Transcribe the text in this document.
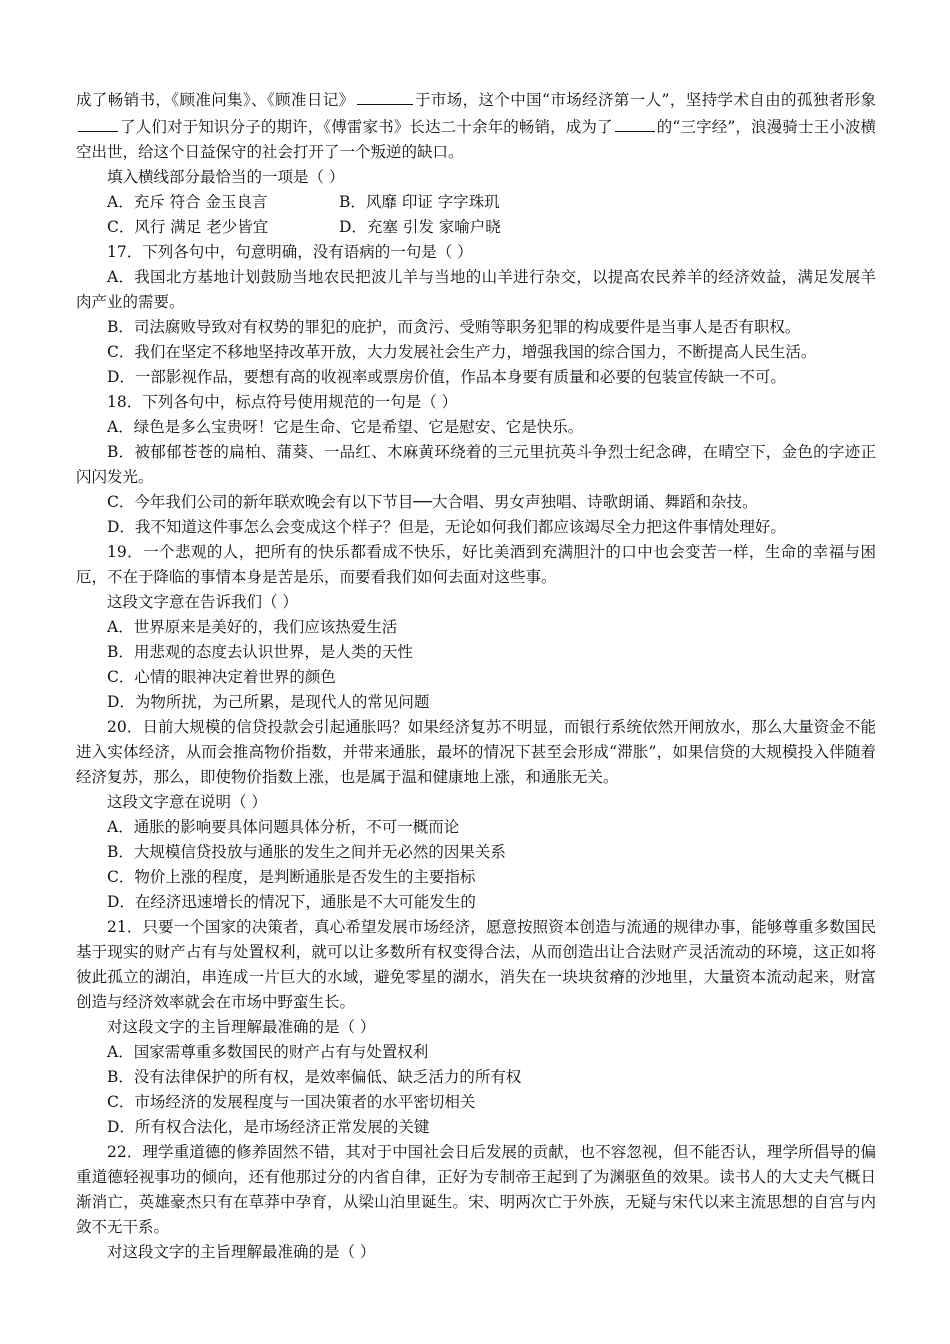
成了畅销书，《顾准问集》、《顾准日记》	于市场，这个中国“市场经济第一人”，坚持学术自由的孤独者形象了人们对于知识分子的期许，《傅雷家书》长达二十余年的畅销，成为了	的“三字经”，浪漫骑士王小波横空出世，给这个日益保守的社会打开了一个叛逆的缺口。

填入横线部分最恰当的一项是（ ）

A．充斥 符合 金玉良言	B．风靡 印证 字字珠玑
C．风行 满足 老少皆宜	D．充塞 引发 家喻户晓

17．下列各句中，句意明确，没有语病的一句是（ ）

A．我国北方基地计划鼓励当地农民把波儿羊与当地的山羊进行杂交，以提高农民养羊的经济效益，满足发展羊肉产业的需要。

B．司法腐败导致对有权势的罪犯的庇护，而贪污、受贿等职务犯罪的构成要件是当事人是否有职权。

C．我们在坚定不移地坚持改革开放，大力发展社会生产力，增强我国的综合国力，不断提高人民生活。

D．一部影视作品，要想有高的收视率或票房价值，作品本身要有质量和必要的包装宣传缺一不可。

18．下列各句中，标点符号使用规范的一句是（ ）

A．绿色是多么宝贵呀！它是生命、它是希望、它是慰安、它是快乐。

B．被郁郁苍苍的扁柏、蒲葵、一品红、木麻黄环绕着的三元里抗英斗争烈士纪念碑，在晴空下，金色的字迹正闪闪发光。

C．今年我们公司的新年联欢晚会有以下节目──大合唱、男女声独唱、诗歌朗诵、舞蹈和杂技。

D．我不知道这件事怎么会变成这个样子？但是，无论如何我们都应该竭尽全力把这件事情处理好。

19．一个悲观的人，把所有的快乐都看成不快乐，好比美酒到充满胆汁的口中也会变苦一样，生命的幸福与困厄，不在于降临的事情本身是苦是乐，而要看我们如何去面对这些事。

这段文字意在告诉我们（ ）

A．世界原来是美好的，我们应该热爱生活

B．用悲观的态度去认识世界，是人类的天性

C．心情的眼神决定着世界的颜色

D．为物所扰，为己所累，是现代人的常见问题

20．日前大规模的信贷投款会引起通胀吗？如果经济复苏不明显，而银行系统依然开闸放水，那么大量资金不能进入实体经济，从而会推高物价指数，并带来通胀，最坏的情况下甚至会形成“滞胀”，如果信贷的大规模投入伴随着经济复苏，那么，即使物价指数上涨，也是属于温和健康地上涨，和通胀无关。

这段文字意在说明（ ）

A．通胀的影响要具体问题具体分析，不可一概而论

B．大规模信贷投放与通胀的发生之间并无必然的因果关系

C．物价上涨的程度，是判断通胀是否发生的主要指标

D．在经济迅速增长的情况下，通胀是不大可能发生的

21．只要一个国家的决策者，真心希望发展市场经济，愿意按照资本创造与流通的规律办事，能够尊重多数国民基于现实的财产占有与处置权利，就可以让多数所有权变得合法，从而创造出让合法财产灵活流动的环境，这正如将彼此孤立的湖泊，串连成一片巨大的水域，避免零星的湖水，消失在一块块贫瘠的沙地里，大量资本流动起来，财富创造与经济效率就会在市场中野蛮生长。

对这段文字的主旨理解最准确的是（ ）

A．国家需尊重多数国民的财产占有与处置权利

B．没有法律保护的所有权，是效率偏低、缺乏活力的所有权

C．市场经济的发展程度与一国决策者的水平密切相关

D．所有权合法化，是市场经济正常发展的关键

22．理学重道德的修养固然不错，其对于中国社会日后发展的贡献，也不容忽视，但不能否认，理学所倡导的偏重道德轻视事功的倾向，还有他那过分的内省自律，正好为专制帝王起到了为渊驱鱼的效果。读书人的大丈夫气概日渐消亡，英雄豪杰只有在草莽中孕育，从梁山泊里诞生。宋、明两次亡于外族，无疑与宋代以来主流思想的自宫与内敛不无干系。

对这段文字的主旨理解最准确的是（ ）
